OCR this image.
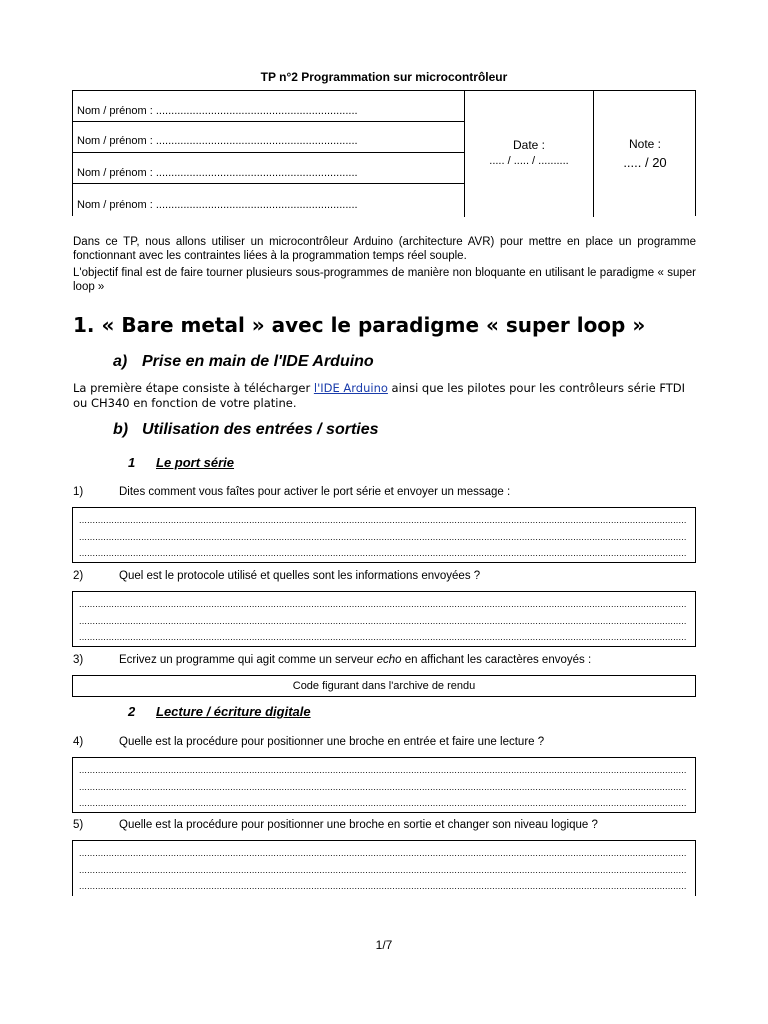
TP n°2 Programmation sur microcontrôleur
Nom / prénom : ..................................................................
Nom / prénom : ..................................................................
Nom / prénom : ..................................................................
Nom / prénom : ..................................................................
Date :
..... / ..... / ..........
Note :
..... / 20
Dans ce TP, nous allons utiliser un microcontrôleur Arduino (architecture AVR) pour mettre en place un programme fonctionnant avec les contraintes liées à la programmation temps réel souple.
L'objectif final est de faire tourner plusieurs sous-programmes de manière non bloquante en utilisant le paradigme « super loop »
1. « Bare metal » avec le paradigme « super loop »
a) Prise en main de l'IDE Arduino
La première étape consiste à télécharger l'IDE Arduino ainsi que les pilotes pour les contrôleurs série FTDI ou CH340 en fonction de votre platine.
b) Utilisation des entrées / sorties
1 Le port série
1)	Dites comment vous faîtes pour activer le port série et envoyer un message :
.................................................................................................................................................................................................................................
.................................................................................................................................................................................................................................
.................................................................................................................................................................................................................................
2)	Quel est le protocole utilisé et quelles sont les informations envoyées ?
.................................................................................................................................................................................................................................
.................................................................................................................................................................................................................................
.................................................................................................................................................................................................................................
3)	Ecrivez un programme qui agit comme un serveur echo en affichant les caractères envoyés :
Code figurant dans l'archive de rendu
2 Lecture / écriture digitale
4)	Quelle est la procédure pour positionner une broche en entrée et faire une lecture ?
.................................................................................................................................................................................................................................
.................................................................................................................................................................................................................................
.................................................................................................................................................................................................................................
5)	Quelle est la procédure pour positionner une broche en sortie et changer son niveau logique ?
.................................................................................................................................................................................................................................
.................................................................................................................................................................................................................................
.................................................................................................................................................................................................................................
1/7
